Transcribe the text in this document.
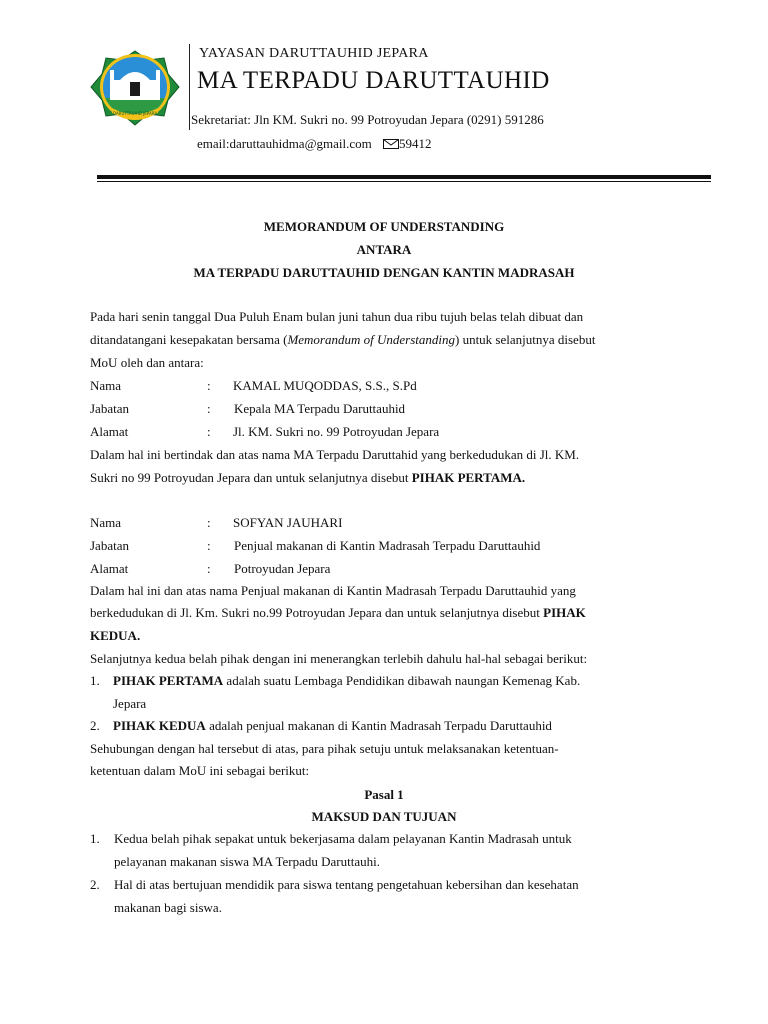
DARUTTAUHID JEPARA
YAYASAN DARUTTAUHID JEPARA
MA TERPADU DARUTTAUHID
Sekretariat: Jln KM. Sukri no. 99 Potroyudan Jepara (0291) 591286
email:daruttauhidma@gmail.com 59412
MEMORANDUM OF UNDERSTANDING
ANTARA
MA TERPADU DARUTTAUHID DENGAN KANTIN MADRASAH
Pada hari senin tanggal Dua Puluh Enam bulan juni tahun dua ribu tujuh belas telah dibuat dan
ditandatangani kesepakatan bersama (Memorandum of Understanding) untuk selanjutnya disebut
MoU oleh dan antara:
Nama	: KAMAL MUQODDAS, S.S., S.Pd
Jabatan	: Kepala MA Terpadu Daruttauhid
Alamat	: Jl. KM. Sukri no. 99 Potroyudan Jepara
Dalam hal ini bertindak dan atas nama MA Terpadu Daruttahid yang berkedudukan di Jl. KM.
Sukri no 99 Potroyudan Jepara dan untuk selanjutnya disebut PIHAK PERTAMA.
Nama	: SOFYAN JAUHARI
Jabatan	: Penjual makanan di Kantin Madrasah Terpadu Daruttauhid
Alamat	: Potroyudan Jepara
Dalam hal ini dan atas nama Penjual makanan di Kantin Madrasah Terpadu Daruttauhid yang
berkedudukan di Jl. Km. Sukri no.99 Potroyudan Jepara dan untuk selanjutnya disebut PIHAK
KEDUA.
Selanjutnya kedua belah pihak dengan ini menerangkan terlebih dahulu hal-hal sebagai berikut:
1. PIHAK PERTAMA adalah suatu Lembaga Pendidikan dibawah naungan Kemenag Kab.
Jepara
2. PIHAK KEDUA adalah penjual makanan di Kantin Madrasah Terpadu Daruttauhid
Sehubungan dengan hal tersebut di atas, para pihak setuju untuk melaksanakan ketentuan-
ketentuan dalam MoU ini sebagai berikut:
Pasal 1
MAKSUD DAN TUJUAN
1. Kedua belah pihak sepakat untuk bekerjasama dalam pelayanan Kantin Madrasah untuk
pelayanan makanan siswa MA Terpadu Daruttauhi.
2. Hal di atas bertujuan mendidik para siswa tentang pengetahuan kebersihan dan kesehatan
makanan bagi siswa.
